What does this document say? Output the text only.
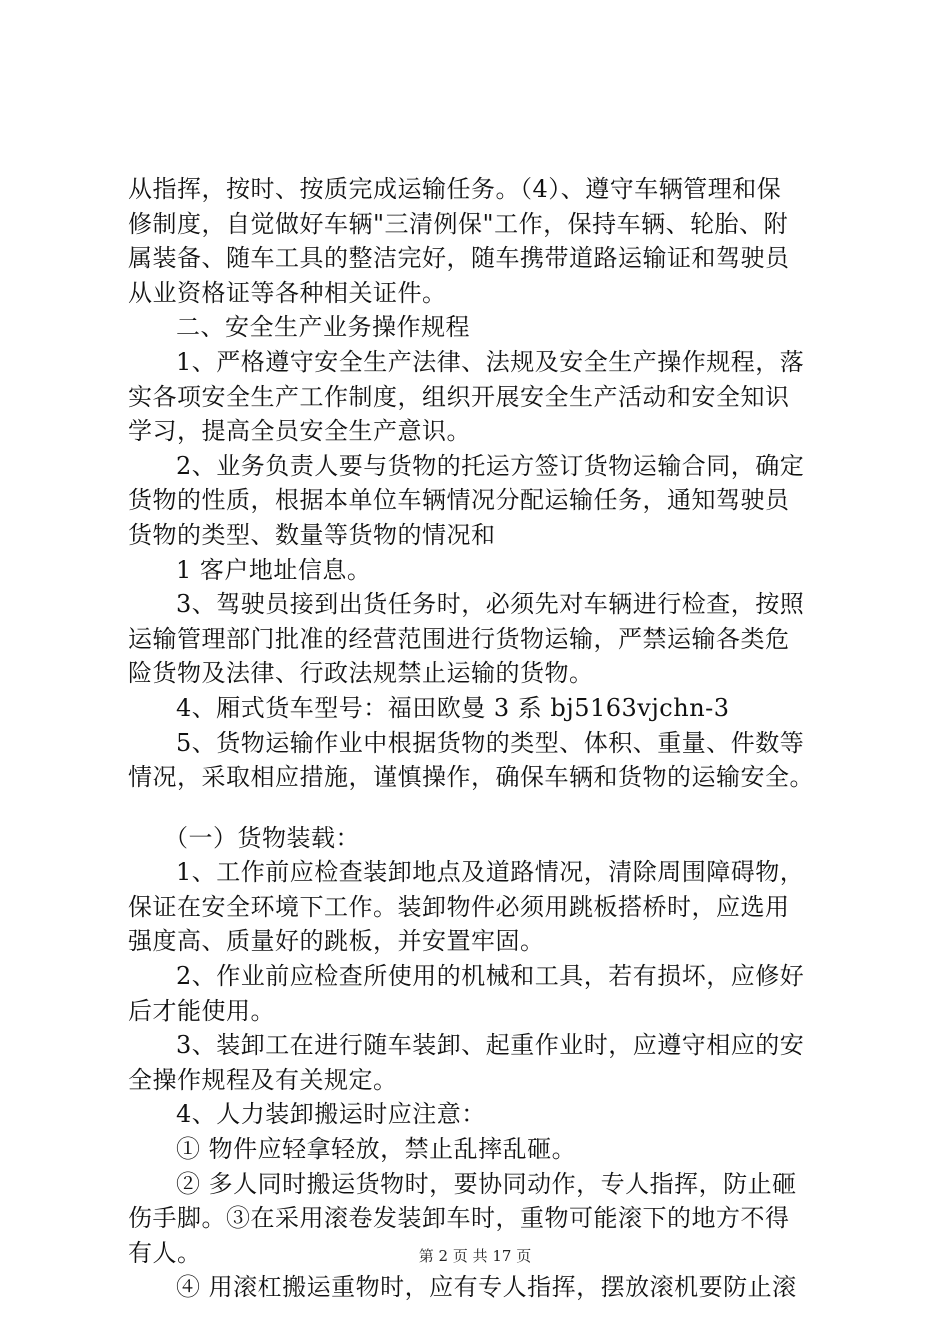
从指挥，按时、按质完成运输任务。（4）、遵守车辆管理和保
修制度，自觉做好车辆"三清例保"工作，保持车辆、轮胎、附
属装备、随车工具的整洁完好，随车携带道路运输证和驾驶员
从业资格证等各种相关证件。
二、安全生产业务操作规程
1、严格遵守安全生产法律、法规及安全生产操作规程，落
实各项安全生产工作制度，组织开展安全生产活动和安全知识
学习，提高全员安全生产意识。
2、业务负责人要与货物的托运方签订货物运输合同，确定
货物的性质，根据本单位车辆情况分配运输任务，通知驾驶员
货物的类型、数量等货物的情况和
1 客户地址信息。
3、驾驶员接到出货任务时，必须先对车辆进行检查，按照
运输管理部门批准的经营范围进行货物运输，严禁运输各类危
险货物及法律、行政法规禁止运输的货物。
4、厢式货车型号：福田欧曼 3 系 bj5163vjchn-3
5、货物运输作业中根据货物的类型、体积、重量、件数等
情况，采取相应措施，谨慎操作，确保车辆和货物的运输安全。
（一）货物装载：
1、工作前应检查装卸地点及道路情况，清除周围障碍物，
保证在安全环境下工作。装卸物件必须用跳板搭桥时，应选用
强度高、质量好的跳板，并安置牢固。
2、作业前应检查所使用的机械和工具，若有损坏，应修好
后才能使用。
3、装卸工在进行随车装卸、起重作业时，应遵守相应的安
全操作规程及有关规定。
4、人力装卸搬运时应注意：
① 物件应轻拿轻放，禁止乱摔乱砸。
② 多人同时搬运货物时，要协同动作，专人指挥，防止砸
伤手脚。③在采用滚卷发装卸车时，重物可能滚下的地方不得
有人。
④ 用滚杠搬运重物时，应有专人指挥，摆放滚机要防止滚
第 2 页 共 17 页
